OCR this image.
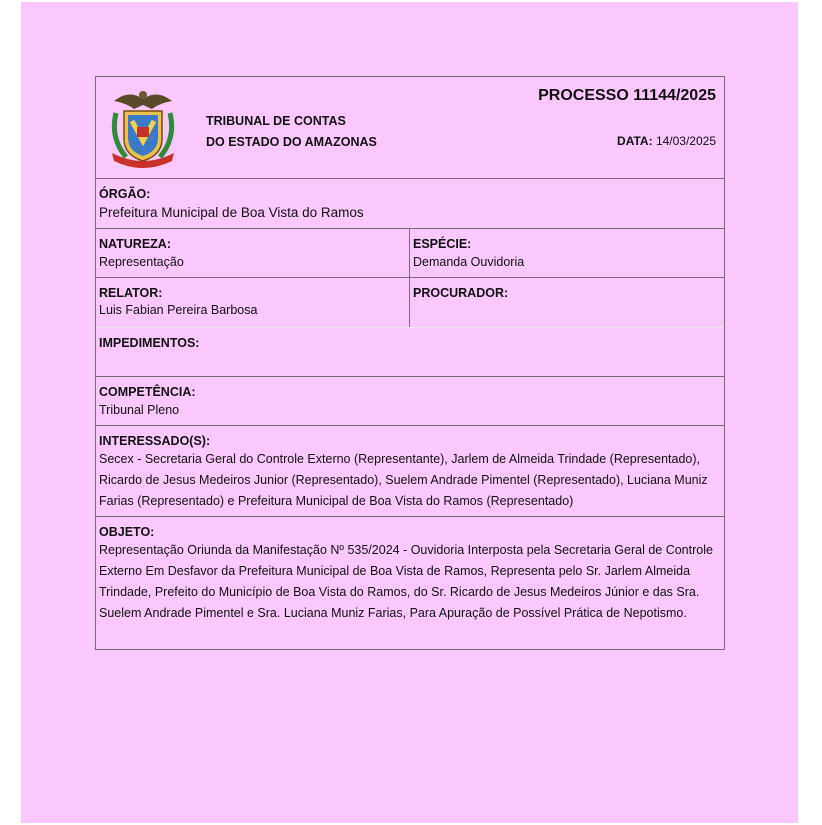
TRIBUNAL DE CONTAS
DO ESTADO DO AMAZONAS
PROCESSO 11144/2025
DATA: 14/03/2025
ÓRGÃO:
Prefeitura Municipal de Boa Vista do Ramos
NATUREZA:
Representação
ESPÉCIE:
Demanda Ouvidoria
RELATOR:
Luis Fabian Pereira Barbosa
PROCURADOR:
IMPEDIMENTOS:
COMPETÊNCIA:
Tribunal Pleno
INTERESSADO(S):
Secex - Secretaria Geral do Controle Externo (Representante), Jarlem de Almeida Trindade (Representado), Ricardo de Jesus Medeiros Junior (Representado), Suelem Andrade Pimentel (Representado), Luciana Muniz Farias (Representado) e Prefeitura Municipal de Boa Vista do Ramos (Representado)
OBJETO:
Representação Oriunda da Manifestação Nº 535/2024 - Ouvidoria Interposta pela Secretaria Geral de Controle Externo Em Desfavor da Prefeitura Municipal de Boa Vista de Ramos, Representa pelo Sr. Jarlem Almeida Trindade, Prefeito do Município de Boa Vista do Ramos, do Sr. Ricardo de Jesus Medeiros Júnior e das Sra. Suelem Andrade Pimentel e Sra. Luciana Muniz Farias, Para Apuração de Possível Prática de Nepotismo.
